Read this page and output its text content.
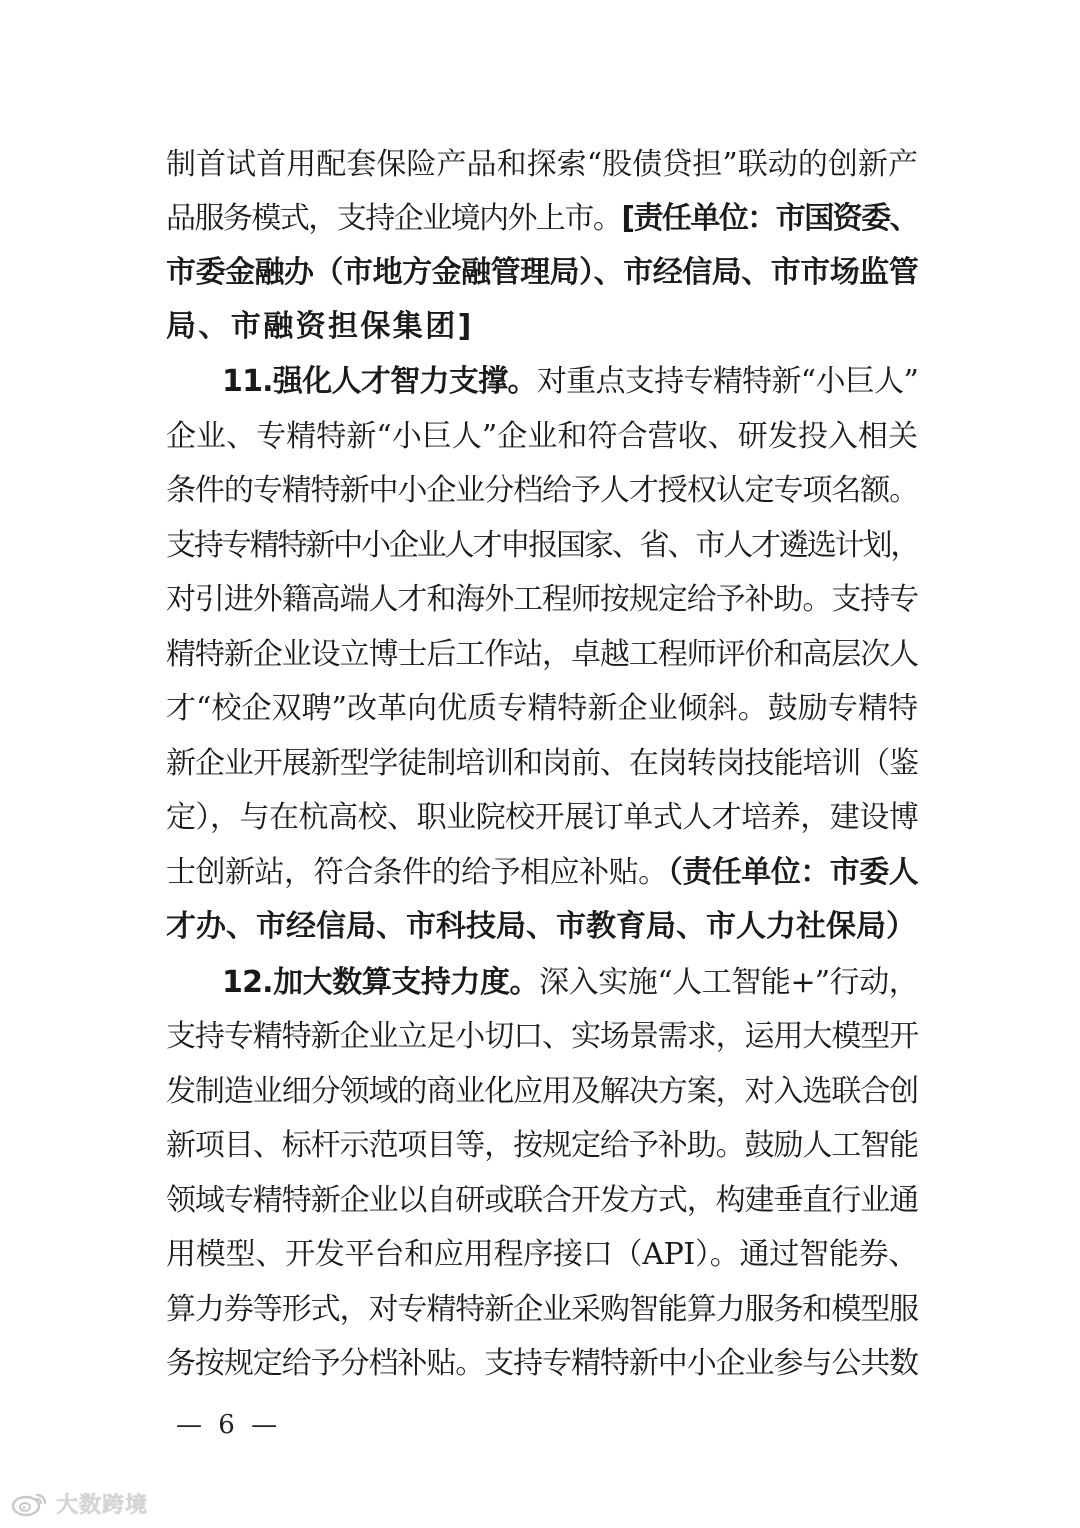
制首试首用配套保险产品和探索“股债贷担”联动的创新产
品服务模式，支持企业境内外上市。[责任单位：市国资委、
市委金融办（市地方金融管理局）、市经信局、市市场监管
局、市融资担保集团]
11.强化人才智力支撑。对重点支持专精特新“小巨人”
企业、专精特新“小巨人”企业和符合营收、研发投入相关
条件的专精特新中小企业分档给予人才授权认定专项名额。
支持专精特新中小企业人才申报国家、省、市人才遴选计划，
对引进外籍高端人才和海外工程师按规定给予补助。支持专
精特新企业设立博士后工作站，卓越工程师评价和高层次人
才“校企双聘”改革向优质专精特新企业倾斜。鼓励专精特
新企业开展新型学徒制培训和岗前、在岗转岗技能培训（鉴
定），与在杭高校、职业院校开展订单式人才培养，建设博
士创新站，符合条件的给予相应补贴。（责任单位：市委人
才办、市经信局、市科技局、市教育局、市人力社保局）
12.加大数算支持力度。深入实施“人工智能+”行动，
支持专精特新企业立足小切口、实场景需求，运用大模型开
发制造业细分领域的商业化应用及解决方案，对入选联合创
新项目、标杆示范项目等，按规定给予补助。鼓励人工智能
领域专精特新企业以自研或联合开发方式，构建垂直行业通
用模型、开发平台和应用程序接口（API）。通过智能券、
算力券等形式，对专精特新企业采购智能算力服务和模型服
务按规定给予分档补贴。支持专精特新中小企业参与公共数
— 6 —
大数跨境
